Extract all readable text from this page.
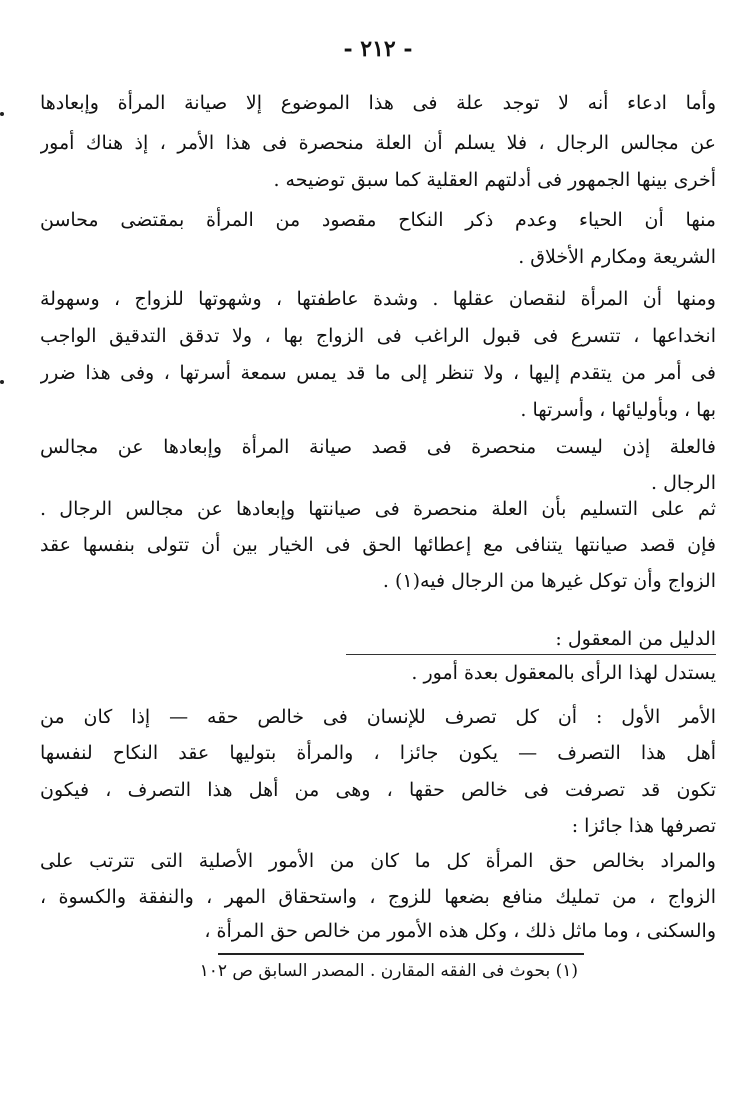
- ٢١٢ -
وأما ادعاء أنه لا توجد علة فى هذا الموضوع إلا صيانة المرأة وإبعادها
عن مجالس الرجال ، فلا يسلم أن العلة منحصرة فى هذا الأمر ، إذ هناك أمور
أخرى بينها الجمهور فى أدلتهم العقلية كما سبق توضيحه .
منها أن الحياء وعدم ذكر النكاح مقصود من المرأة بمقتضى محاسن
الشريعة ومكارم الأخلاق .
ومنها أن المرأة لنقصان عقلها . وشدة عاطفتها ، وشهوتها للزواج ، وسهولة
انخداعها ، تتسرع فى قبول الراغب فى الزواج بها ، ولا تدقق التدقيق الواجب
فى أمر من يتقدم إليها ، ولا تنظر إلى ما قد يمس سمعة أسرتها ، وفى هذا ضرر
بها ، وبأوليائها ، وأسرتها .
فالعلة إذن ليست منحصرة فى قصد صيانة المرأة وإبعادها عن مجالس
الرجال .
ثم على التسليم بأن العلة منحصرة فى صيانتها وإبعادها عن مجالس الرجال .
فإن قصد صيانتها يتنافى مع إعطائها الحق فى الخيار بين أن تتولى بنفسها عقد
الزواج وأن توكل غيرها من الرجال فيه(١) .
الدليل من المعقول :
يستدل لهذا الرأى بالمعقول بعدة أمور .
الأمر الأول : أن كل تصرف للإنسان فى خالص حقه — إذا كان من
أهل هذا التصرف — يكون جائزا ، والمرأة بتوليها عقد النكاح لنفسها
تكون قد تصرفت فى خالص حقها ، وهى من أهل هذا التصرف ، فيكون
تصرفها هذا جائزا :
والمراد بخالص حق المرأة كل ما كان من الأمور الأصلية التى تترتب على
الزواج ، من تمليك منافع بضعها للزوج ، واستحقاق المهر ، والنفقة والكسوة ،
والسكنى ، وما ماثل ذلك ، وكل هذه الأمور من خالص حق المرأة ،
(١) بحوث فى الفقه المقارن . المصدر السابق ص ١٠٢
